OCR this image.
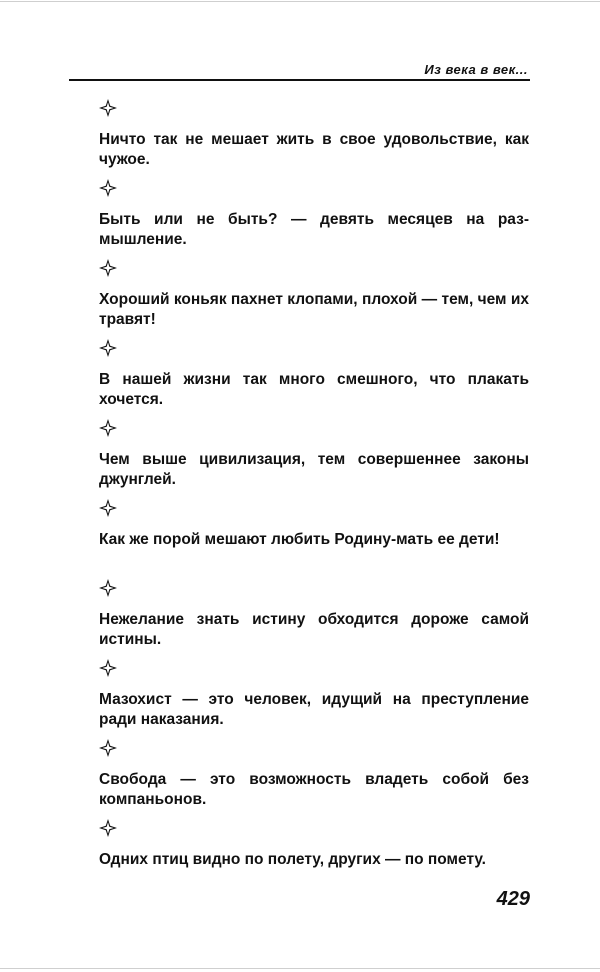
Из века в век...

Ничто так не мешает жить в свое удовольствие, как чужое.

Быть или не быть? — девять месяцев на размышление.

Хороший коньяк пахнет клопами, плохой — тем, чем их травят!

В нашей жизни так много смешного, что плакать хочется.

Чем выше цивилизация, тем совершеннее законы джунглей.

Как же порой мешают любить Родину-мать ее дети!

Нежелание знать истину обходится дороже самой истины.

Мазохист — это человек, идущий на преступление ради наказания.

Свобода — это возможность владеть собой без компаньонов.

Одних птиц видно по полету, других — по помету.

429
